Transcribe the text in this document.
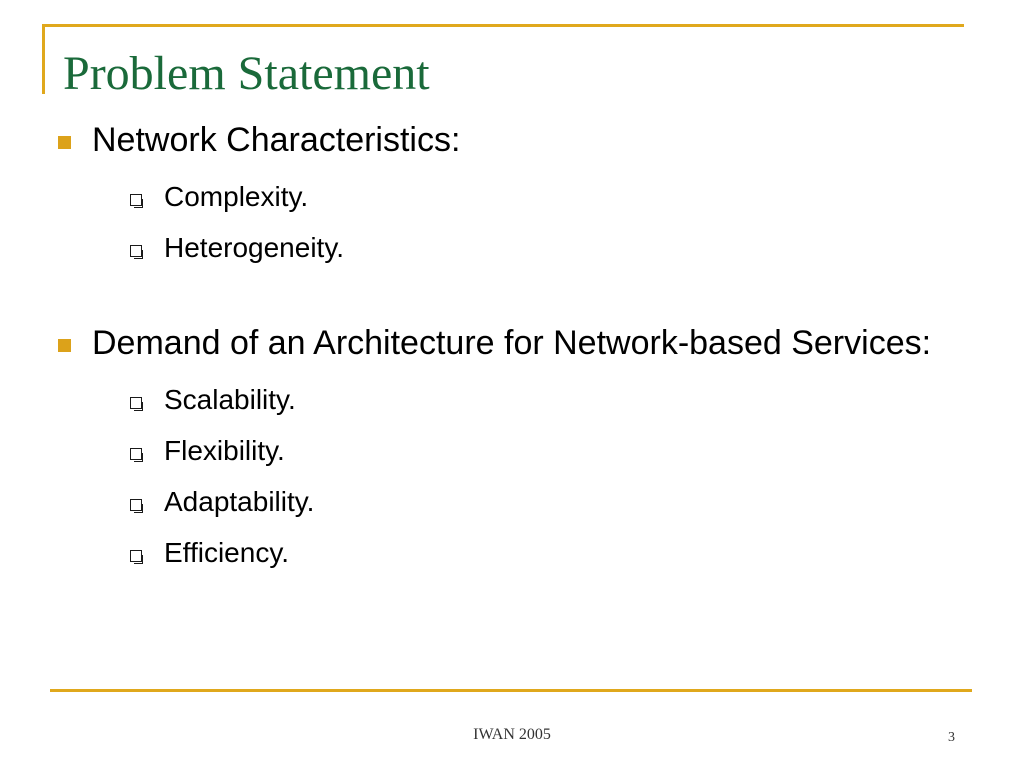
Problem Statement
Network Characteristics:
Complexity.
Heterogeneity.
Demand of an Architecture for Network-based Services:
Scalability.
Flexibility.
Adaptability.
Efficiency.
IWAN 2005	3
